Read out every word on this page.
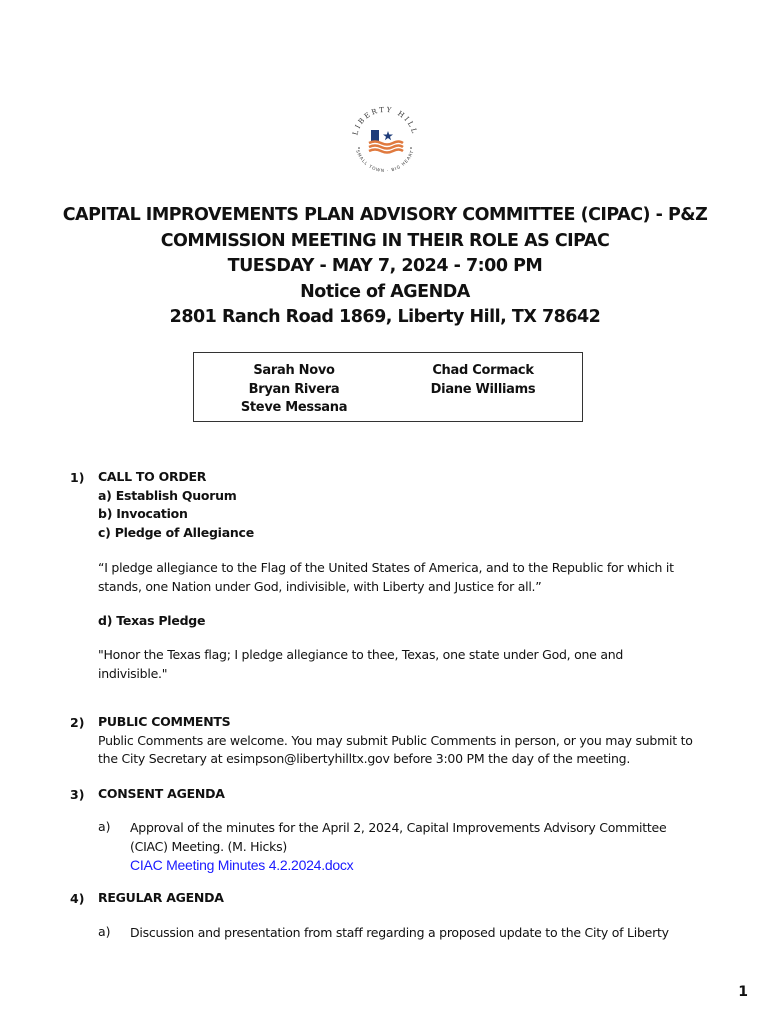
LIBERTY HILL
SMALL TOWN · BIG HEART
CAPITAL IMPROVEMENTS PLAN ADVISORY COMMITTEE (CIPAC) - P&Z
COMMISSION MEETING IN THEIR ROLE AS CIPAC
TUESDAY - MAY 7, 2024 - 7:00 PM
Notice of AGENDA
2801 Ranch Road 1869, Liberty Hill, TX 78642
Sarah Novo
Bryan Rivera
Steve Messana
Chad Cormack
Diane Williams
1) CALL TO ORDER
a) Establish Quorum
b) Invocation
c) Pledge of Allegiance
“I pledge allegiance to the Flag of the United States of America, and to the Republic for which it stands, one Nation under God, indivisible, with Liberty and Justice for all.”
d) Texas Pledge
"Honor the Texas flag; I pledge allegiance to thee, Texas, one state under God, one and indivisible."
2) PUBLIC COMMENTS
Public Comments are welcome. You may submit Public Comments in person, or you may submit to the City Secretary at esimpson@libertyhilltx.gov before 3:00 PM the day of the meeting.
3) CONSENT AGENDA
a) Approval of the minutes for the April 2, 2024, Capital Improvements Advisory Committee (CIAC) Meeting. (M. Hicks)
CIAC Meeting Minutes 4.2.2024.docx
4) REGULAR AGENDA
a) Discussion and presentation from staff regarding a proposed update to the City of Liberty
1
